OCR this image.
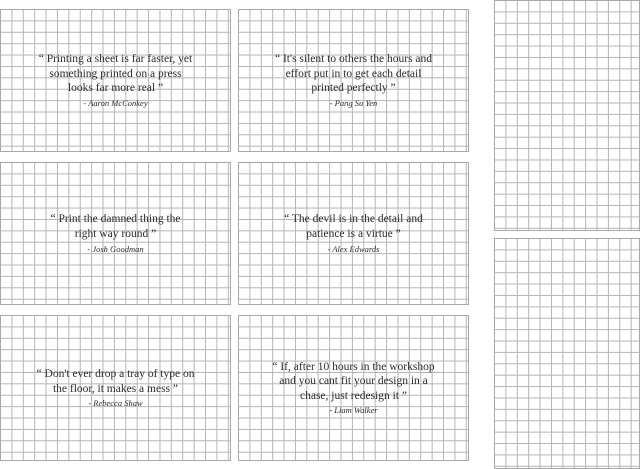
“ Printing a sheet is far faster, yet
something printed on a press
looks far more real ”

- Aaron McConkey

“ It's silent to others the hours and
effort put in to get each detail
printed perfectly ”

- Pang Su Yen

“ Print the damned thing the
right way round ”

- Josh Goodman

“ The devil is in the detail and
patience is a virtue ”

- Alex Edwards

“ Don't ever drop a tray of type on
the floor, it makes a mess ”

- Rebecca Shaw

“ If, after 10 hours in the workshop
and you cant fit your design in a
chase, just redesign it ”

- Liam Walker
